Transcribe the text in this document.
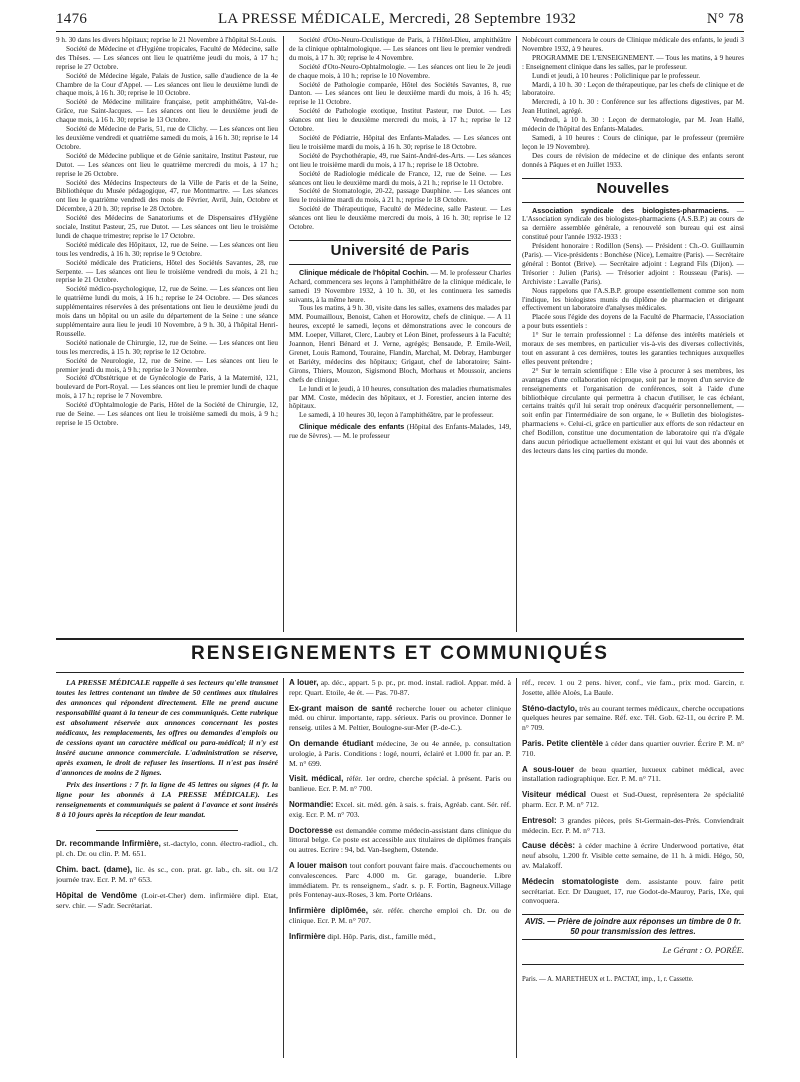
1476	LA PRESSE MÉDICALE, Mercredi, 28 Septembre 1932	N° 78

9 h. 30 dans les divers hôpitaux; reprise le 21 Novembre à l'hôpital St-Louis.

Société de Médecine et d'Hygiène tropicales, Faculté de Médecine, salle des Thèses. — Les séances ont lieu le quatrième jeudi du mois, à 17 h.; reprise le 27 Octobre.

Société de Médecine légale, Palais de Justice, salle d'audience de la 4e Chambre de la Cour d'Appel. — Les séances ont lieu le deuxième lundi de chaque mois, à 16 h. 30; reprise le 10 Octobre.

Société de Médecine militaire française, petit amphithéâtre, Val-de-Grâce, rue Saint-Jacques. — Les séances ont lieu le deuxième jeudi de chaque mois, à 16 h. 30; reprise le 13 Octobre.

Société de Médecine de Paris, 51, rue de Clichy. — Les séances ont lieu les deuxième vendredi et quatrième samedi du mois, à 16 h. 30; reprise le 14 Octobre.

Société de Médecine publique et de Génie sanitaire, Institut Pasteur, rue Dutot. — Les séances ont lieu le quatrième mercredi du mois, à 17 h.; reprise le 26 Octobre.

Société des Médecins Inspecteurs de la Ville de Paris et de la Seine, Bibliothèque du Musée pédagogique, 47, rue Montmartre. — Les séances ont lieu le quatrième vendredi des mois de Février, Avril, Juin, Octobre et Décembre, à 20 h. 30; reprise le 28 Octobre.

Société des Médecins de Sanatoriums et de Dispensaires d'Hygiène sociale, Institut Pasteur, 25, rue Dutot. — Les séances ont lieu le troisième lundi de chaque trimestre; reprise le 17 Octobre.

Société médicale des Hôpitaux, 12, rue de Seine. — Les séances ont lieu tous les vendredis, à 16 h. 30; reprise le 9 Octobre.

Société médicale des Praticiens, Hôtel des Sociétés Savantes, 28, rue Serpente. — Les séances ont lieu le troisième vendredi du mois, à 21 h.; reprise le 21 Octobre.

Société médico-psychologique, 12, rue de Seine. — Les séances ont lieu le quatrième lundi du mois, à 16 h.; reprise le 24 Octobre. — Des séances supplémentaires réservées à des présentations ont lieu le deuxième jeudi du mois dans un hôpital ou un asile du département de la Seine : une séance supplémentaire aura lieu le jeudi 10 Novembre, à 9 h. 30, à l'hôpital Henri-Rousselle.

Société nationale de Chirurgie, 12, rue de Seine. — Les séances ont lieu tous les mercredis, à 15 h. 30; reprise le 12 Octobre.

Société de Neurologie, 12, rue de Seine. — Les séances ont lieu le premier jeudi du mois, à 9 h.; reprise le 3 Novembre.

Société d'Obstétrique et de Gynécologie de Paris, à la Maternité, 121, boulevard de Port-Royal. — Les séances ont lieu le premier lundi de chaque mois, à 17 h.; reprise le 7 Novembre.

Société d'Ophtalmologie de Paris, Hôtel de la Société de Chirurgie, 12, rue de Seine. — Les séances ont lieu le troisième samedi du mois, à 9 h.; reprise le 15 Octobre.

Société d'Oto-Neuro-Oculistique de Paris, à l'Hôtel-Dieu, amphithéâtre de la clinique ophtalmologique. — Les séances ont lieu le premier vendredi du mois, à 17 h. 30; reprise le 4 Novembre.

Société d'Oto-Neuro-Ophtalmologie. — Les séances ont lieu le 2e jeudi de chaque mois, à 10 h.; reprise le 10 Novembre.

Société de Pathologie comparée, Hôtel des Sociétés Savantes, 8, rue Danton. — Les séances ont lieu le deuxième mardi du mois, à 16 h. 45; reprise le 11 Octobre.

Société de Pathologie exotique, Institut Pasteur, rue Dutot. — Les séances ont lieu le deuxième mercredi du mois, à 17 h.; reprise le 12 Octobre.

Société de Pédiatrie, Hôpital des Enfants-Malades. — Les séances ont lieu le troisième mardi du mois, à 16 h. 30; reprise le 18 Octobre.

Société de Psychothérapie, 49, rue Saint-André-des-Arts. — Les séances ont lieu le troisième mardi du mois, à 17 h.; reprise le 18 Octobre.

Société de Radiologie médicale de France, 12, rue de Seine. — Les séances ont lieu le deuxième mardi du mois, à 21 h.; reprise le 11 Octobre.

Société de Stomatologie, 20-22, passage Dauphine. — Les séances ont lieu le troisième mardi du mois, à 21 h.; reprise le 18 Octobre.

Société de Thérapeutique, Faculté de Médecine, salle Pasteur. — Les séances ont lieu le deuxième mercredi du mois, à 16 h. 30; reprise le 12 Octobre.

Université de Paris

Clinique médicale de l'hôpital Cochin. — M. le professeur Charles Achard, commencera ses leçons à l'amphithéâtre de la clinique médicale, le samedi 19 Novembre 1932, à 10 h. 30, et les continuera les samedis suivants, à la même heure.

Tous les matins, à 9 h. 30, visite dans les salles, examens des malades par MM. Poumailloux, Benoist, Cahen et Horowitz, chefs de clinique. — A 11 heures, excepté le samedi, leçons et démonstrations avec le concours de MM. Loeper, Villaret, Clerc, Laubry et Léon Binet, professeurs à la Faculté; Joannon, Henri Bénard et J. Verne, agrégés; Bensaude, P. Emile-Weil, Grenet, Louis Ramond, Touraine, Flandin, Marchal, M. Debray, Hamburger et Bariéty, médecins des hôpitaux; Grigaut, chef de laboratoire; Saint-Girons, Thiers, Mouzon, Sigismond Bloch, Morhaus et Moussoir, anciens chefs de clinique.

Le lundi et le jeudi, à 10 heures, consultation des maladies rhumatismales par MM. Coste, médecin des hôpitaux, et J. Forestier, ancien interne des hôpitaux.

Le samedi, à 10 heures 30, leçon à l'amphithéâtre, par le professeur.

Clinique médicale des enfants (Hôpital des Enfants-Malades, 149, rue de Sèvres). — M. le professeur

Nobécourt commencera le cours de Clinique médicale des enfants, le jeudi 3 Novembre 1932, à 9 heures.

PROGRAMME DE L'ENSEIGNEMENT. — Tous les matins, à 9 heures : Enseignement clinique dans les salles, par le professeur.

Lundi et jeudi, à 10 heures : Policlinique par le professeur.

Mardi, à 10 h. 30 : Leçon de thérapeutique, par les chefs de clinique et de laboratoire.

Mercredi, à 10 h. 30 : Conférence sur les affections digestives, par M. Jean Hutinel, agrégé.

Vendredi, à 10 h. 30 : Leçon de dermatologie, par M. Jean Hallé, médecin de l'hôpital des Enfants-Malades.

Samedi, à 10 heures : Cours de clinique, par le professeur (première leçon le 19 Novembre).

Des cours de révision de médecine et de clinique des enfants seront donnés à Pâques et en Juillet 1933.

Nouvelles

Association syndicale des biologistes-pharmaciens. — L'Association syndicale des biologistes-pharmaciens (A.S.B.P.) au cours de sa dernière assemblée générale, a renouvelé son bureau qui est ainsi constitué pour l'année 1932-1933 :

Président honoraire : Rodillon (Sens). — Président : Ch.-O. Guillaumin (Paris). — Vice-présidents : Bonchèse (Nice), Lemaitre (Paris). — Secrétaire général : Bontot (Brive). — Secrétaire adjoint : Legrand Fils (Dijon). — Trésorier : Julien (Paris). — Trésorier adjoint : Rousseau (Paris). — Archiviste : Lavalle (Paris).

Nous rappelons que l'A.S.B.P. groupe essentiellement comme son nom l'indique, les biologistes munis du diplôme de pharmacien et dirigeant effectivement un laboratoire d'analyses médicales.

Placée sous l'égide des doyens de la Faculté de Pharmacie, l'Association a pour buts essentiels :

1° Sur le terrain professionnel : La défense des intérêts matériels et moraux de ses membres, en particulier vis-à-vis des diverses collectivités, tout en assurant à ces dernières, toutes les garanties techniques auxquelles elles peuvent prétendre ;

2° Sur le terrain scientifique : Elle vise à procurer à ses membres, les avantages d'une collaboration réciproque, soit par le moyen d'un service de renseignements et l'organisation de conférences, soit à l'aide d'une bibliothèque circulante qui permettra à chacun d'utiliser, le cas échéant, certains traités qu'il lui serait trop onéreux d'acquérir personnellement, — soit enfin par l'intermédiaire de son organe, le « Bulletin des biologistes-pharmaciens ». Celui-ci, grâce en particulier aux efforts de son rédacteur en chef Bodillon, constitue une documentation de laboratoire qui n'a d'égale dans aucun périodique actuellement existant et qui lui vaut des abonnés et des lecteurs dans les cinq parties du monde.

RENSEIGNEMENTS ET COMMUNIQUÉS

LA PRESSE MÉDICALE rappelle à ses lecteurs qu'elle transmet toutes les lettres contenant un timbre de 50 centimes aux titulaires des annonces qui répondent directement. Elle ne prend aucune responsabilité quant à la teneur de ces communiqués. Cette rubrique est absolument réservée aux annonces concernant les postes médicaux, les remplacements, les offres ou demandes d'emplois ou de cessions ayant un caractère médical ou para-médical; il n'y est inséré aucune annonce commerciale. L'administration se réserve, après examen, le droit de refuser les insertions. Il n'est pas inséré d'annonces de moins de 2 lignes.

Prix des insertions : 7 fr. la ligne de 45 lettres ou signes (4 fr. la ligne pour les abonnés à LA PRESSE MÉDICALE). Les renseignements et communiqués se paient à l'avance et sont insérés 8 à 10 jours après la réception de leur mandat.

Dr. recommande Infirmière, st.-dactylo, conn. électro-radiol., ch. pl. ch. Dr. ou clin. P. M. 651.
Chim. bact. (dame), lic. ès sc., con. prat. gr. lab., ch. sit. ou 1/2 journée trav. Ecr. P. M. n° 653.
Hôpital de Vendôme (Loir-et-Cher) dem. infirmière dipl. Etat, serv. chir. — S'adr. Secrétariat.
A louer, ap. déc., appart. 5 p. pr., pr. mod. instal. radiol. Appar. méd. à repr. Quart. Etoile, 4e ét. — Pas. 70-87.
Ex-grant maison de santé recherche louer ou acheter clinique méd. ou chirur. importante, rapp. sérieux. Paris ou province. Donner le renseig. utiles à M. Peltier, Boulogne-sur-Mer (P.-de-C.).
On demande étudiant médecine, 3e ou 4e année, p. consultation urologie, à Paris. Conditions : logé, nourri, éclairé et 1.000 fr. par an. P. M. n° 699.
Visit. médical, référ. 1er ordre, cherche spécial. à présent. Paris ou banlieue. Ecr. P. M. n° 700.
Normandie: Excel. sit. méd. gén. à sais. s. frais, Agréab. cant. Sér. réf. exig. Ecr. P. M. n° 703.
Doctoresse est demandée comme médecin-assistant dans clinique du littoral belge. Ce poste est accessible aux titulaires de diplômes français ou autres. Ecrire : 94, bd. Van-Iseghem, Ostende.
A louer maison tout confort pouvant faire mais. d'accouchements ou convalescences. Parc 4.000 m. Gr. garage, buanderie. Libre immédiatem. Pr. ts renseignem., s'adr. s. p. F. Fortin, Bagneux.Village près Fontenay-aux-Roses, 3 km. Porte Orléans.
Infirmière diplômée, sér. référ. cherche emploi ch. Dr. ou de clinique. Ecr. P. M. n° 707.
Infirmière dipl. Hôp. Paris, dist., famille méd.,
réf., recev. 1 ou 2 pens. hiver, conf., vie fam., prix mod. Garcin, r. Josette, allée Aloès, La Baule.
Sténo-dactylo, très au courant termes médicaux, cherche occupations quelques heures par semaine. Réf. exc. Tél. Gob. 62-11, ou écrire P. M. n° 709.
Paris. Petite clientèle à céder dans quartier ouvrier. Écrire P. M. n° 710.
A sous-louer de beau quartier, luxueux cabinet médical, avec installation radiographique. Ecr. P. M. n° 711.
Visiteur médical Ouest et Sud-Ouest, représentera 2e spécialité pharm. Ecr. P. M. n° 712.
Entresol: 3 grandes pièces, près St-Germain-des-Prés. Conviendrait médecin. Ecr. P. M. n° 713.
Cause décès: à céder machine à écrire Underwood portative, état neuf absolu, 1.200 fr. Visible cette semaine, de 11 h. à midi. Hégo, 50, av. Malakoff.
Médecin stomatologiste dem. assistante pouv. faire petit secrétariat. Ecr. Dr Dauguet, 17, rue Godot-de-Mauroy, Paris, IXe, qui convoquera.
AVIS. — Prière de joindre aux réponses un timbre de 0 fr. 50 pour transmission des lettres.
Le Gérant : O. PORÉE.
Paris. — A. MARETHEUX et L. PACTAT, imp., 1, r. Cassette.
